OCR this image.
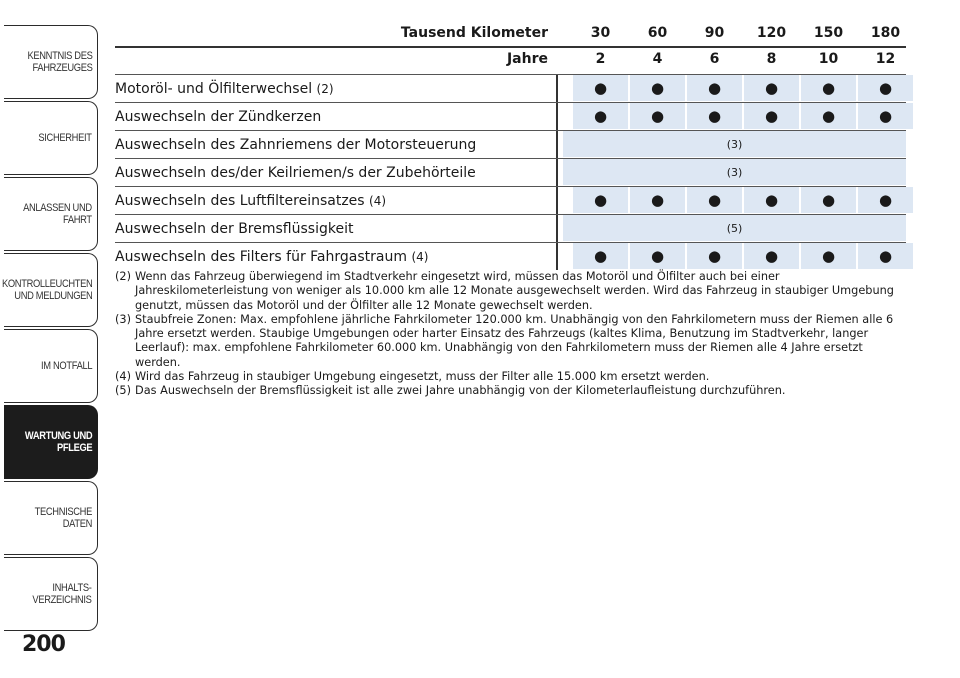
KENNTNIS DES
FAHRZEUGES
SICHERHEIT
ANLASSEN UND
FAHRT
KONTROLLEUCHTEN
UND MELDUNGEN
IM NOTFALL
WARTUNG UND
PFLEGE
TECHNISCHE DATEN
INHALTS-
VERZEICHNIS
200
Tausend Kilometer	30	60	90	120	150	180
Jahre	2	4	6	8	10	12
Motoröl- und Ölfilterwechsel (2)	●	●	●	●	●	●
Auswechseln der Zündkerzen	●	●	●	●	●	●
Auswechseln des Zahnriemens der Motorsteuerung	(3)
Auswechseln des/der Keilriemen/s der Zubehörteile	(3)
Auswechseln des Luftfiltereinsatzes (4)	●	●	●	●	●	●
Auswechseln der Bremsflüssigkeit	(5)
Auswechseln des Filters für Fahrgastraum (4)	●	●	●	●	●	●

(2) Wenn das Fahrzeug überwiegend im Stadtverkehr eingesetzt wird, müssen das Motoröl und Ölfilter auch bei einer Jahreskilometerleistung von weniger als 10.000 km alle 12 Monate ausgewechselt werden. Wird das Fahrzeug in staubiger Umgebung genutzt, müssen das Motoröl und der Ölfilter alle 12 Monate gewechselt werden.

(3) Staubfreie Zonen: Max. empfohlene jährliche Fahrkilometer 120.000 km. Unabhängig von den Fahrkilometern muss der Riemen alle 6 Jahre ersetzt werden. Staubige Umgebungen oder harter Einsatz des Fahrzeugs (kaltes Klima, Benutzung im Stadtverkehr, langer Leerlauf): max. empfohlene Fahrkilometer 60.000 km. Unabhängig von den Fahrkilometern muss der Riemen alle 4 Jahre ersetzt werden.

(4) Wird das Fahrzeug in staubiger Umgebung eingesetzt, muss der Filter alle 15.000 km ersetzt werden.

(5) Das Auswechseln der Bremsflüssigkeit ist alle zwei Jahre unabhängig von der Kilometerlaufleistung durchzuführen.
